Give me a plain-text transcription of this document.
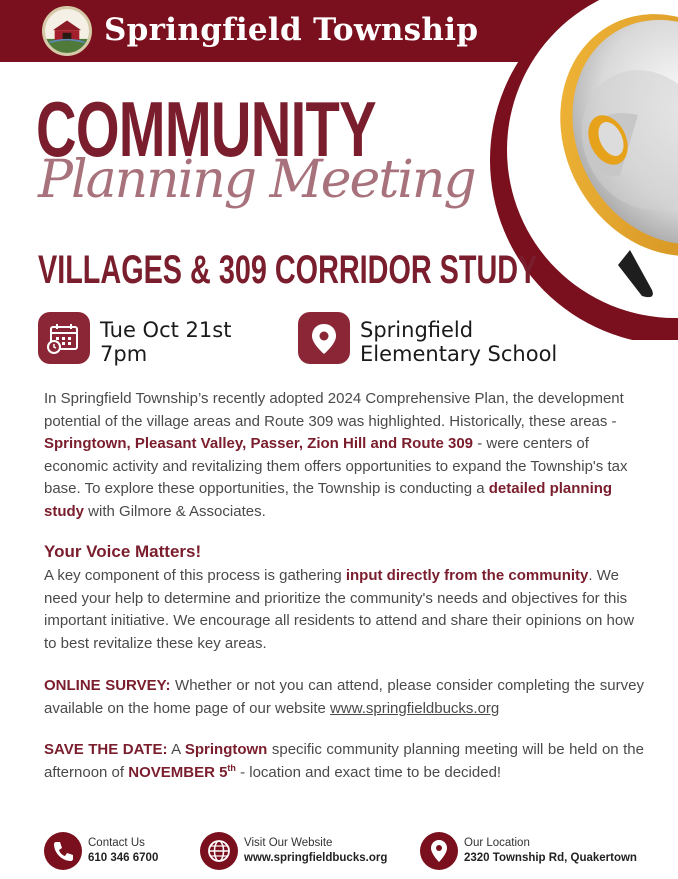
Springfield Township
COMMUNITY
Planning Meeting
VILLAGES & 309 CORRIDOR STUDY
Tue Oct 21st
7pm
Springfield
Elementary School
In Springfield Township’s recently adopted 2024 Comprehensive Plan, the development potential of the village areas and Route 309 was highlighted. Historically, these areas - Springtown, Pleasant Valley, Passer, Zion Hill and Route 309 - were centers of economic activity and revitalizing them offers opportunities to expand the Township's tax base. To explore these opportunities, the Township is conducting a detailed planning study with Gilmore & Associates.
Your Voice Matters!
A key component of this process is gathering input directly from the community. We need your help to determine and prioritize the community's needs and objectives for this important initiative. We encourage all residents to attend and share their opinions on how to best revitalize these key areas.
ONLINE SURVEY: Whether or not you can attend, please consider completing the survey available on the home page of our website www.springfieldbucks.org
SAVE THE DATE: A Springtown specific community planning meeting will be held on the afternoon of NOVEMBER 5th - location and exact time to be decided!
Contact Us
610 346 6700
Visit Our Website
www.springfieldbucks.org
Our Location
2320 Township Rd, Quakertown
